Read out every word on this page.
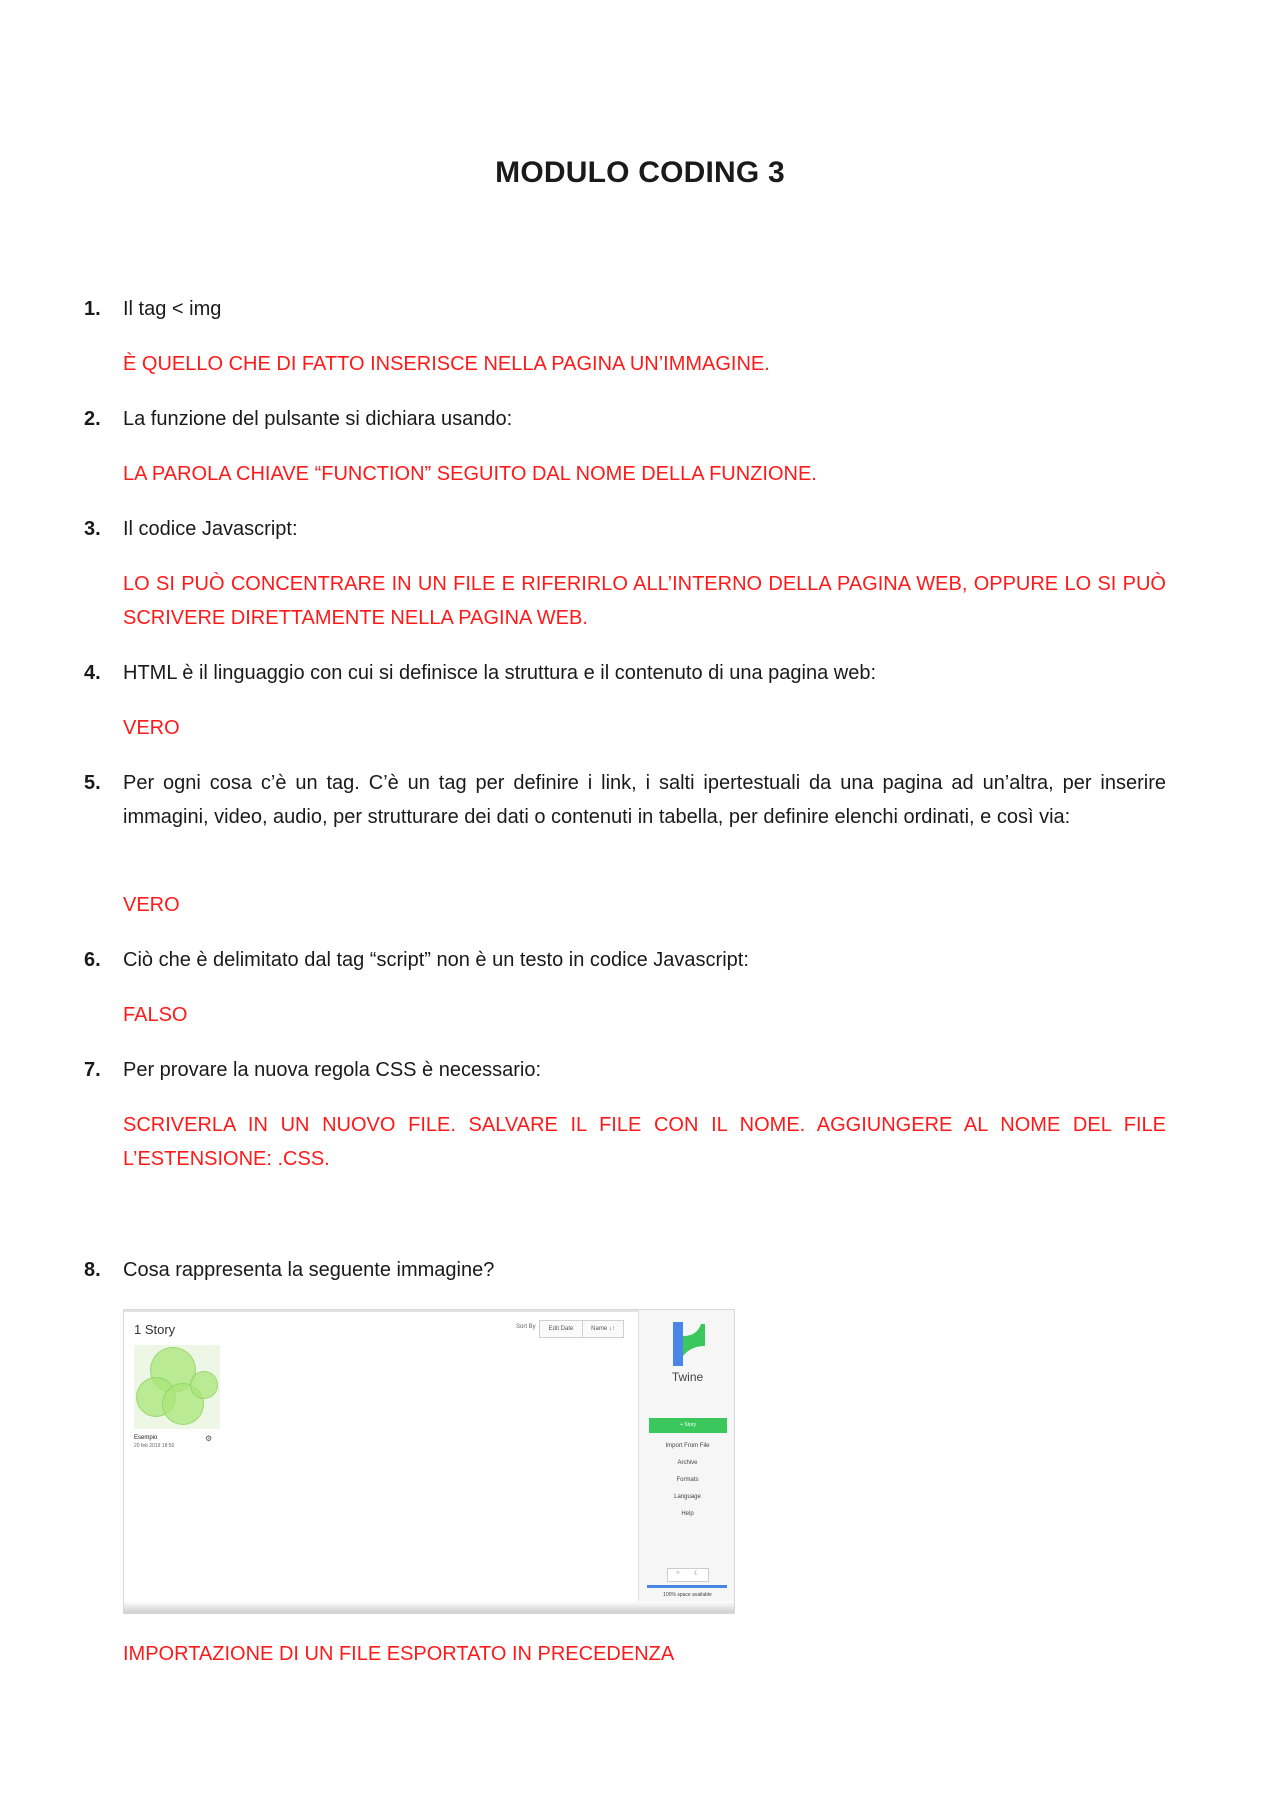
MODULO CODING 3
1. Il tag < img
È QUELLO CHE DI FATTO INSERISCE NELLA PAGINA UN’IMMAGINE.
2. La funzione del pulsante si dichiara usando:
LA PAROLA CHIAVE “FUNCTION” SEGUITO DAL NOME DELLA FUNZIONE.
3. Il codice Javascript:
LO SI PUÒ CONCENTRARE IN UN FILE E RIFERIRLO ALL’INTERNO DELLA PAGINA WEB, OPPURE LO SI PUÒ SCRIVERE DIRETTAMENTE NELLA PAGINA WEB.
4. HTML è il linguaggio con cui si definisce la struttura e il contenuto di una pagina web:
VERO
5. Per ogni cosa c’è un tag. C’è un tag per definire i link, i salti ipertestuali da una pagina ad un’altra, per inserire immagini, video, audio, per strutturare dei dati o contenuti in tabella, per definire elenchi ordinati, e così via:
VERO
6. Ciò che è delimitato dal tag “script” non è un testo in codice Javascript:
FALSO
7. Per provare la nuova regola CSS è necessario:
SCRIVERLA IN UN NUOVO FILE. SALVARE IL FILE CON IL NOME. AGGIUNGERE AL NOME DEL FILE L’ESTENSIONE: .CSS.
8. Cosa rappresenta la seguente immagine?
IMPORTAZIONE DI UN FILE ESPORTATO IN PRECEDENZA
1 Story	Sort By	Edit Date	Name ↓↑
Esempio
20 feb 2019 18:50
⚙
Twine
+ Story
Import From File
Archive
Formats
Language
Help
○ ☾
100% space available
